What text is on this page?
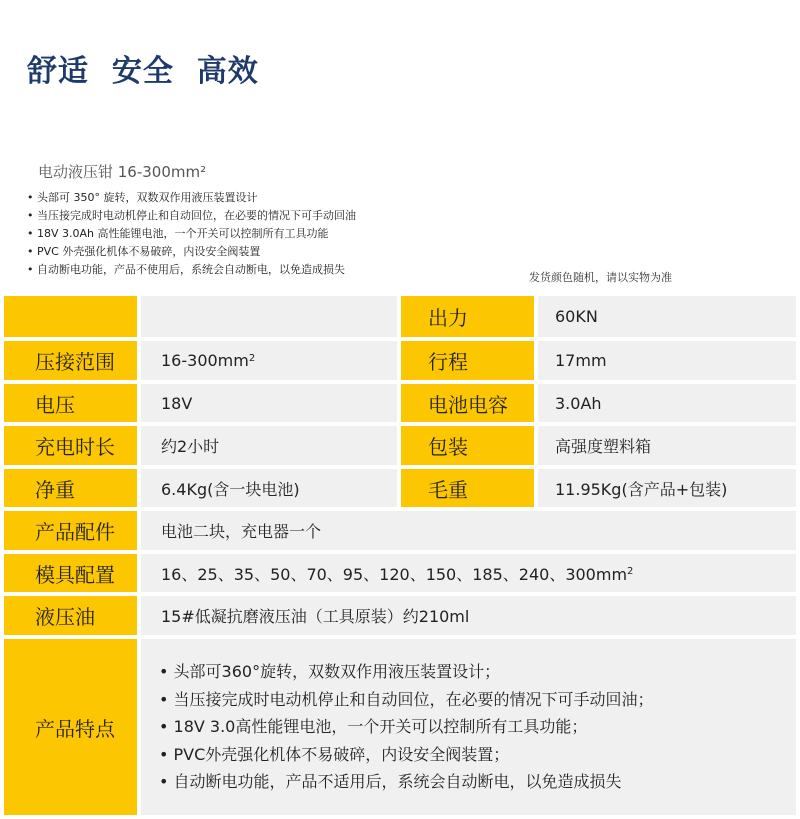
舒适  安全  高效
电动液压钳 16-300mm²
• 头部可 350° 旋转，双数双作用液压装置设计
• 当压接完成时电动机停止和自动回位，在必要的情况下可手动回油
• 18V 3.0Ah 高性能锂电池，一个开关可以控制所有工具功能
• PVC 外壳强化机体不易破碎，内设安全阀装置
• 自动断电功能，产品不使用后，系统会自动断电，以免造成损失
发货颜色随机，请以实物为准
出力	60KN
压接范围	$16-300mm^2$	行程	17mm
电压	18V	电池电容	3.0Ah
充电时长	约2小时	包装	高强度塑料箱
净重	6.4Kg(含一块电池)	毛重	11.95Kg(含产品+包装)
产品配件	电池二块，充电器一个
模具配置	16、25、35、50、70、95、120、150、185、240、$300mm^2$
液压油	15#低凝抗磨液压油（工具原装）约210ml
产品特点
• 头部可360°旋转，双数双作用液压装置设计；
• 当压接完成时电动机停止和自动回位，在必要的情况下可手动回油；
• 18V 3.0高性能锂电池，一个开关可以控制所有工具功能；
• PVC外壳强化机体不易破碎，内设安全阀装置；
• 自动断电功能，产品不适用后，系统会自动断电，以免造成损失
